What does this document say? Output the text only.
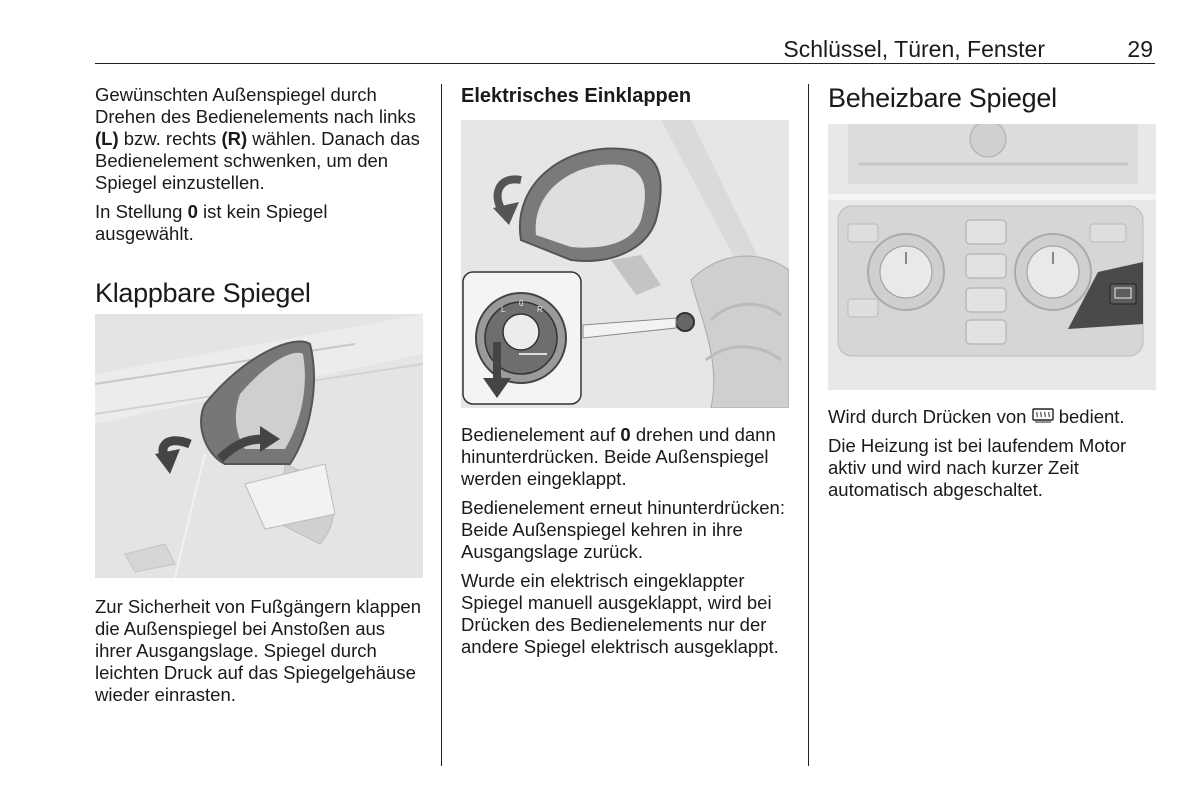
Schlüssel, Türen, Fenster	29

Gewünschten Außenspiegel durch Drehen des Bedienelements nach links (L) bzw. rechts (R) wählen. Danach das Bedienelement schwenken, um den Spiegel einzustellen.

In Stellung 0 ist kein Spiegel ausgewählt.

Klappbare Spiegel

Zur Sicherheit von Fußgängern klappen die Außenspiegel bei Anstoßen aus ihrer Ausgangslage. Spiegel durch leichten Druck auf das Spiegelgehäuse wieder einrasten.

Elektrisches Einklappen

Bedienelement auf 0 drehen und dann hinunterdrücken. Beide Außenspiegel werden eingeklappt.

Bedienelement erneut hinunterdrücken: Beide Außenspiegel kehren in ihre Ausgangslage zurück.

Wurde ein elektrisch eingeklappter Spiegel manuell ausgeklappt, wird bei Drücken des Bedienelements nur der andere Spiegel elektrisch ausgeklappt.

L
0
R
Beheizbare Spiegel

Wird durch Drücken von  bedient.

Die Heizung ist bei laufendem Motor aktiv und wird nach kurzer Zeit automatisch abgeschaltet.
